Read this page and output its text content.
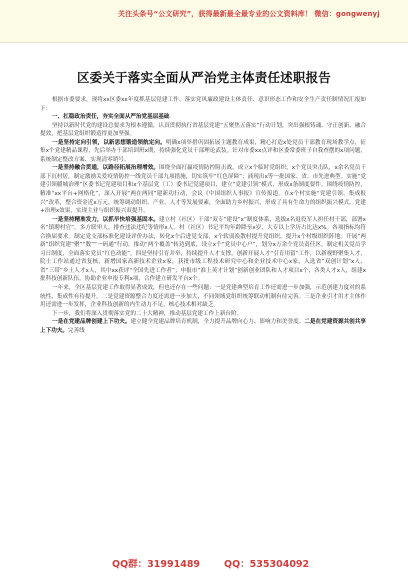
关注头条号“公文研究”，获得最新最全最专业的公文资料库！ 微信：gongwenyj
区委关于落实全面从严治党主体责任述职报告

根据市委要求，现将xx区委xx年度抓基层党建工作、落实党风廉政建设主体责任、意识形态工作和安全生产责任制情况汇报如下：

一、扛稳政治责任，夯实全面从严治党基层基础

坚持以新时代党的建设总要求为根本遵循，认真贯彻执行省基层党建“五聚焦五落实”行动计划，突出强根铸魂、守正创新、融合提效，把基层党组织锻造得更加坚强。

一是坚持定向引领，以新思想锻造领航定向。明确x项举措巩固拓展主题教育成果，精心打造x处党员干部教育现场教学点，征集x个党建精品课程，先后举办干部培训班x期，持续强化党员干部理论武装。针对市委xx点评和区委常委班子自我查摆的x项问题，系统制定整改方案、实现清零销号。

一是坚持融合贯通，以路径拓展治理增效。围绕全面打赢疫情防控阻击战，成立x个临时党组织，x个党员突击队，x余名党员干部下沉村居，制定激励关爱疫情防控一线党员干部九项措施，切实筑牢“红色屏障”；涌现出x等一批国家、省、市先进典型。实施“党建引领疆城治理”区委书记党建项目和x个基层党（工）委书记党建项目，建立“党建引领”模式，形成x条制度要件。围绕疫情防控，精准“xx平台+网格化”，深入开展“两在两同”建新功行动，会议《中国组织人事报》宣传报道。在x个村实施“党建引领、集成报兴”改革，整合资金近x万元，统筹调动组织、产业、人才等发展要素，全面助力乡村振兴，形成了具有生命力的组织振兴模式，党建+治理x效果，实现主业与组织振兴双提升。

一是坚持精准发力，以抓早快培强基固本。建立村（社区）干部“双专”建设“x”制度体系，选拔x名退役军人担任村干部，部署x名“镇聘村官”，多方联审人，排查违法违纪等情形x人。村（社区）书记平均年龄降至x岁，大专以上学历占比达x%。各项指标均符合换届要求。制定党支部标准化建设评价办法，转化x个后进党支部，x个软弱涣散村提升党组织，提升x个村级组织阵地。开展“两新”组织党建“聚”“数”“一码通”行动，推动“两个覆盖”转边到底，设立x个“党员中心户”，划分x万余个党员责任区，制定机关党员学习日制度，全面落实党员“红色动能”。四是坚持引育并举，持续提升人才支撑，创新开展人才“引育用留”工作，以新视野聚集人才，院士工作站通过省复核，新增国家高新技术企业x家，获批市级工程技术研究中心和企业技术中心x家，入选省“双创计划”x人、省“三带”乡土人才x人，其中xx获评“全国先进工作者”；申报市“淮上英才计划”创新创业团队和人才项目x个，各类人才x人，组建x批科技创新队伍，协助企业申报专利x项，合作建立研发平台x个。

一年来，全区基层党建工作取得显著成效，但也还存在一些问题：一是党建典型培育工作还需进一步加强，示范创建力度对的系统性、集成性有待提升。二是党建资源整合力度还需进一步加大，不同领域党组织统筹联动机制有待完善。三是企业引才用才主体作用还需进一步发挥，企业科技创新的内生动力不足，核心技术相对缺乏。

下一步，我们将深入贯彻落实党的二十大精神，推动基层党建工作上新台阶。

一是在党建品牌创建上下功夫。建立健全党建品牌培育机制，全力提升品牌向心力、影响力和美誉度。二是在党建资源共创共享上下功夫。完善线

QQ群：31991489	QQ：535304092
